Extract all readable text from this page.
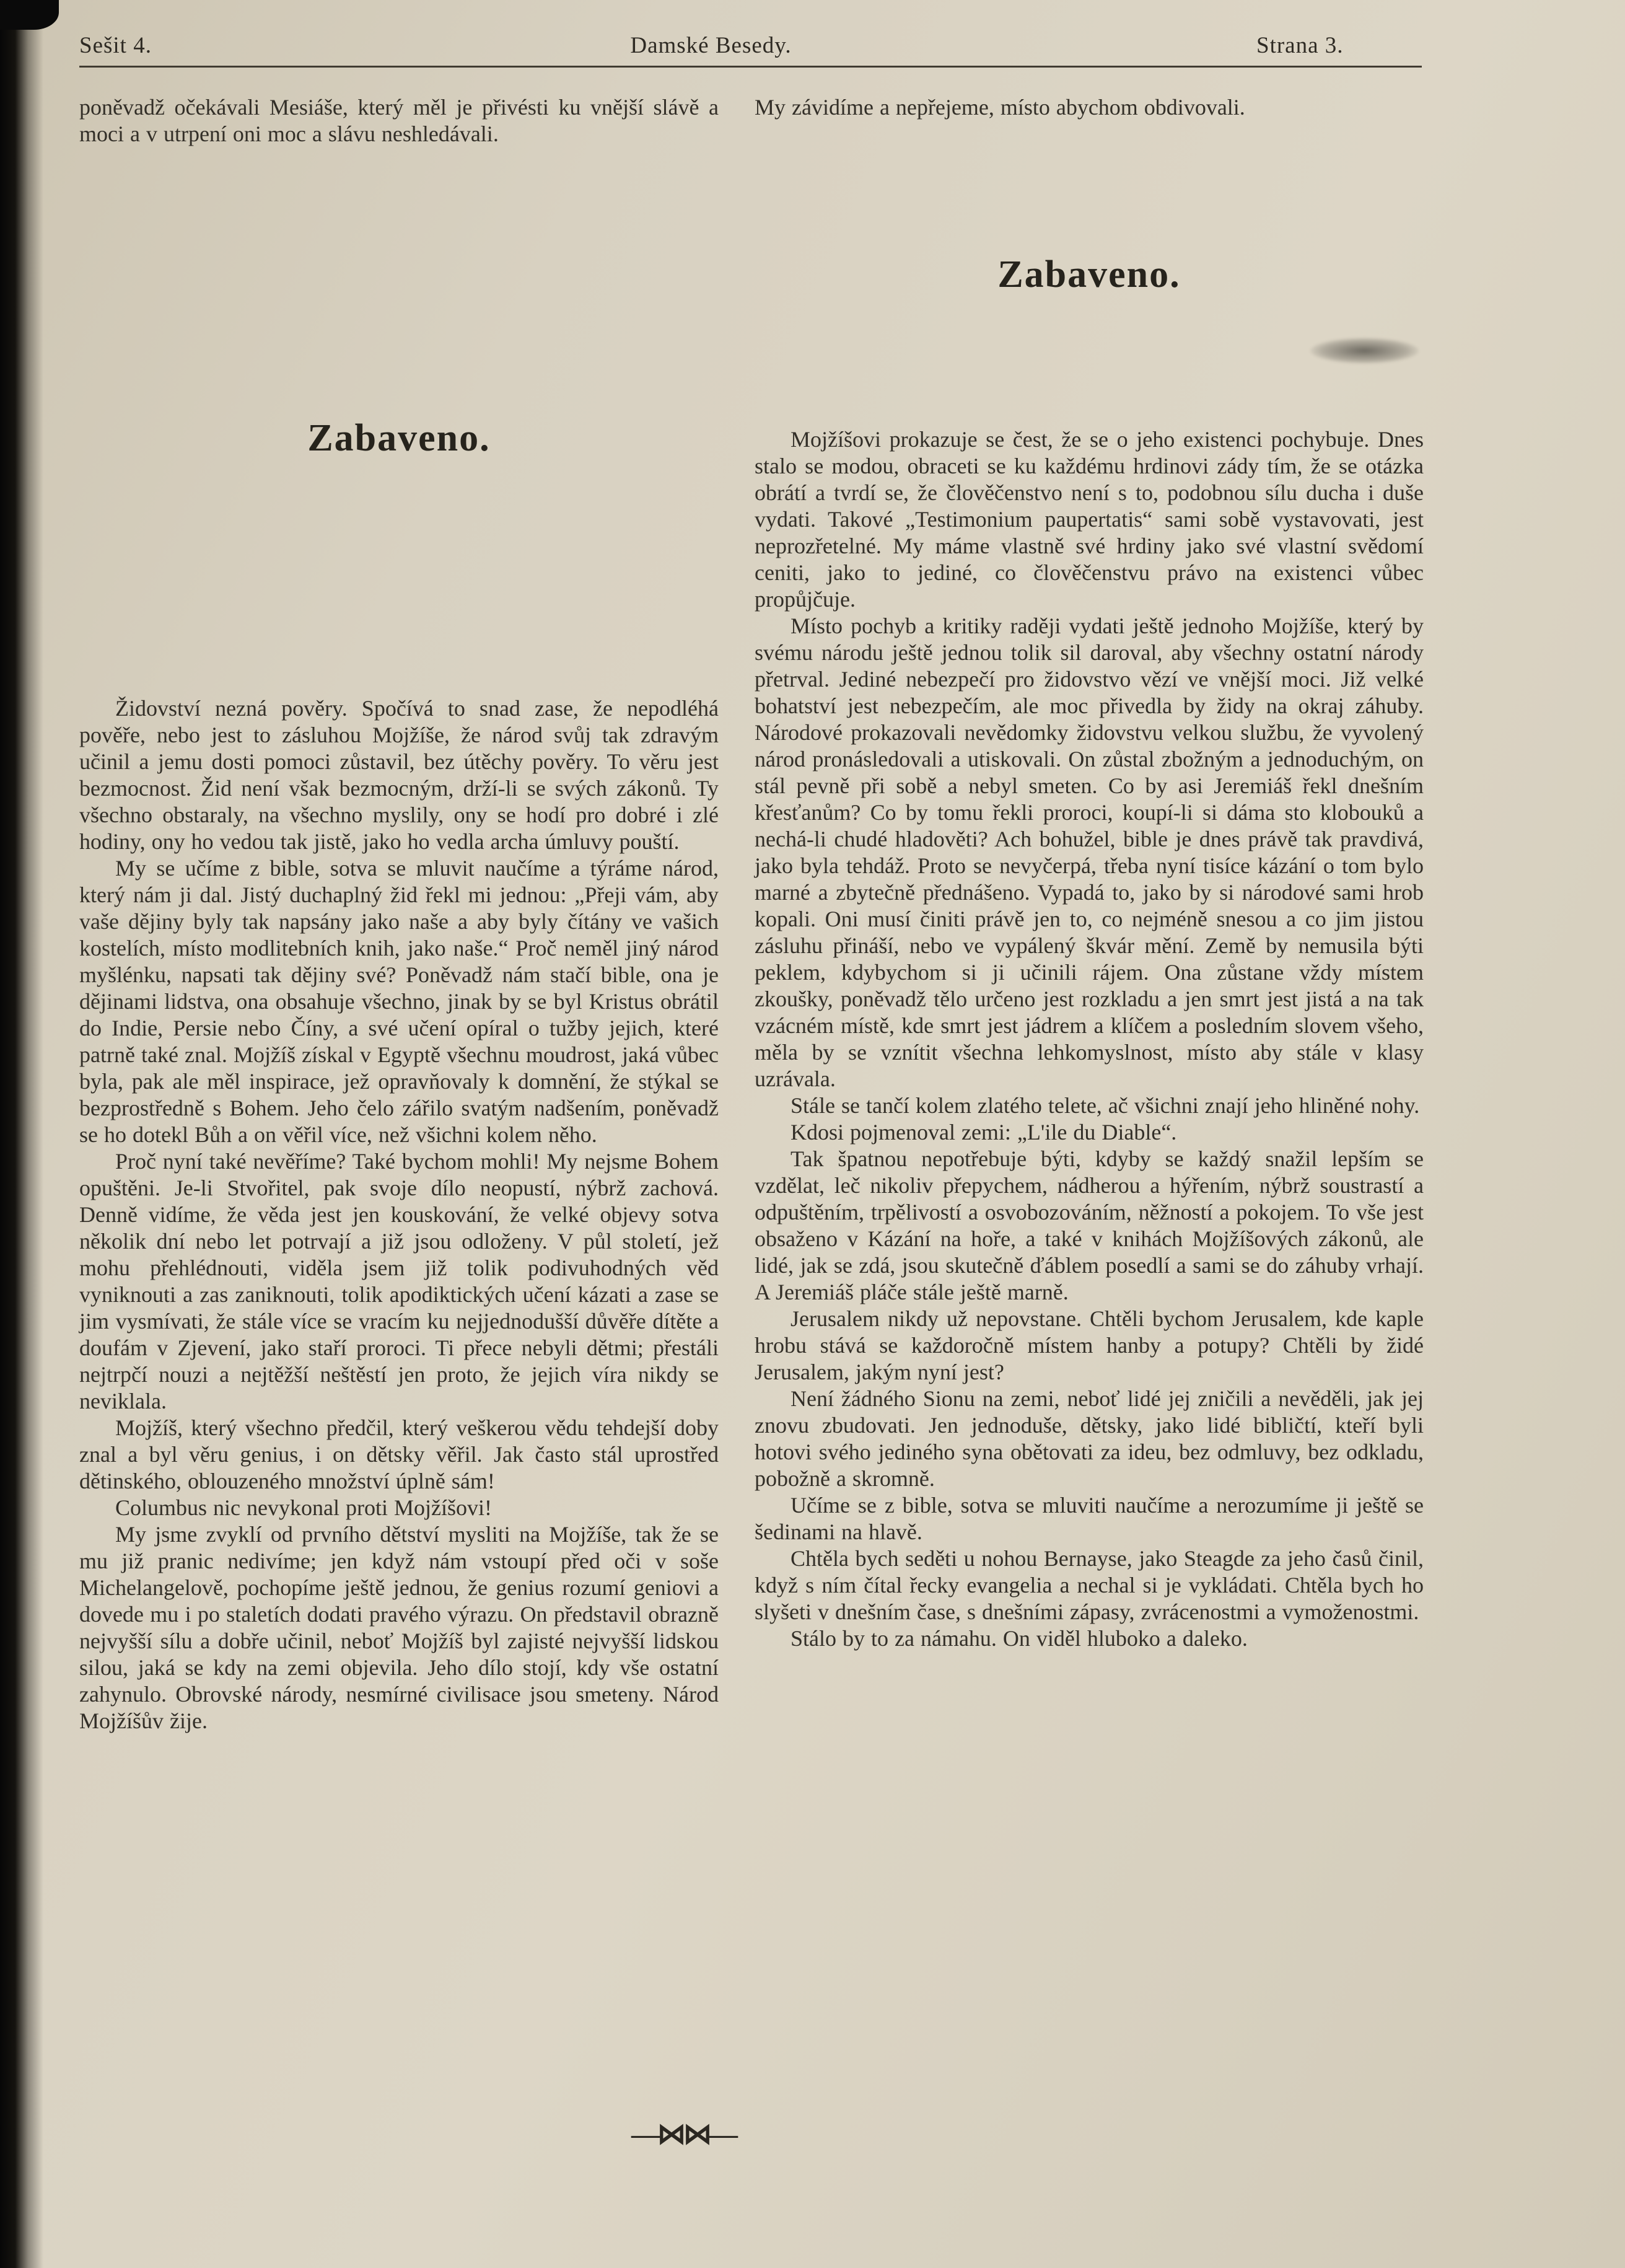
Sešit 4.	Damské Besedy.	Strana 3.

poněvadž očekávali Mesiáše, který měl je přivésti ku vnější slávě a moci a v utrpení oni moc a slávu neshledávali.

My závidíme a nepřejeme, místo abychom obdivovali.

Zabaveno.
Zabaveno.

Židovství nezná pověry. Spočívá to snad zase, že nepodléhá pověře, nebo jest to zásluhou Mojžíše, že národ svůj tak zdravým učinil a jemu dosti pomoci zůstavil, bez útěchy pověry. To věru jest bezmocnost. Žid není však bezmocným, drží-li se svých zákonů. Ty všechno obstaraly, na všechno myslily, ony se hodí pro dobré i zlé hodiny, ony ho vedou tak jistě, jako ho vedla archa úmluvy pouští.

My se učíme z bible, sotva se mluvit naučíme a týráme národ, který nám ji dal. Jistý duchaplný žid řekl mi jednou: „Přeji vám, aby vaše dějiny byly tak napsány jako naše a aby byly čítány ve vašich kostelích, místo modlitebních knih, jako naše.“ Proč neměl jiný národ myšlénku, napsati tak dějiny své? Poněvadž nám stačí bible, ona je dějinami lidstva, ona obsahuje všechno, jinak by se byl Kristus obrátil do Indie, Persie nebo Číny, a své učení opíral o tužby jejich, které patrně také znal. Mojžíš získal v Egyptě všechnu moudrost, jaká vůbec byla, pak ale měl inspirace, jež opravňovaly k domnění, že stýkal se bezprostředně s Bohem. Jeho čelo zářilo svatým nadšením, poněvadž se ho dotekl Bůh a on věřil více, než všichni kolem něho.

Proč nyní také nevěříme? Také bychom mohli! My nejsme Bohem opuštěni. Je-li Stvořitel, pak svoje dílo neopustí, nýbrž zachová. Denně vidíme, že věda jest jen kouskování, že velké objevy sotva několik dní nebo let potrvají a již jsou odloženy. V půl století, jež mohu přehlédnouti, viděla jsem již tolik podivuhodných věd vyniknouti a zas zaniknouti, tolik apodiktických učení kázati a zase se jim vysmívati, že stále více se vracím ku nejjednodušší důvěře dítěte a doufám v Zjevení, jako staří proroci. Ti přece nebyli dětmi; přestáli nejtrpčí nouzi a nejtěžší neštěstí jen proto, že jejich víra nikdy se neviklala.

Mojžíš, který všechno předčil, který veškerou vědu tehdejší doby znal a byl věru genius, i on dětsky věřil. Jak často stál uprostřed dětinského, oblouzeného množství úplně sám!

Columbus nic nevykonal proti Mojžíšovi!

My jsme zvyklí od prvního dětství mysliti na Mojžíše, tak že se mu již pranic nedivíme; jen když nám vstoupí před oči v soše Michelangelově, pochopíme ještě jednou, že genius rozumí geniovi a dovede mu i po staletích dodati pravého výrazu. On představil obrazně nejvyšší sílu a dobře učinil, neboť Mojžíš byl zajisté nejvyšší lidskou silou, jaká se kdy na zemi objevila. Jeho dílo stojí, kdy vše ostatní zahynulo. Obrovské národy, nesmírné civilisace jsou smeteny. Národ Mojžíšův žije.

Mojžíšovi prokazuje se čest, že se o jeho existenci pochybuje. Dnes stalo se modou, obraceti se ku každému hrdinovi zády tím, že se otázka obrátí a tvrdí se, že člověčenstvo není s to, podobnou sílu ducha i duše vydati. Takové „Testimonium paupertatis“ sami sobě vystavovati, jest neprozřetelné. My máme vlastně své hrdiny jako své vlastní svědomí ceniti, jako to jediné, co člověčenstvu právo na existenci vůbec propůjčuje.

Místo pochyb a kritiky raději vydati ještě jednoho Mojžíše, který by svému národu ještě jednou tolik sil daroval, aby všechny ostatní národy přetrval. Jediné nebezpečí pro židovstvo vězí ve vnější moci. Již velké bohatství jest nebezpečím, ale moc přivedla by židy na okraj záhuby. Národové prokazovali nevědomky židovstvu velkou službu, že vyvolený národ pronásledovali a utiskovali. On zůstal zbožným a jednoduchým, on stál pevně při sobě a nebyl smeten. Co by asi Jeremiáš řekl dnešním křesťanům? Co by tomu řekli proroci, koupí-li si dáma sto klobouků a nechá-li chudé hladověti? Ach bohužel, bible je dnes právě tak pravdivá, jako byla tehdáž. Proto se nevyčerpá, třeba nyní tisíce kázání o tom bylo marné a zbytečně přednášeno. Vypadá to, jako by si národové sami hrob kopali. Oni musí činiti právě jen to, co nejméně snesou a co jim jistou zásluhu přináší, nebo ve vypálený škvár mění. Země by nemusila býti peklem, kdybychom si ji učinili rájem. Ona zůstane vždy místem zkoušky, poněvadž tělo určeno jest rozkladu a jen smrt jest jistá a na tak vzácném místě, kde smrt jest jádrem a klíčem a posledním slovem všeho, měla by se vznítit všechna lehkomyslnost, místo aby stále v klasy uzrávala.

Stále se tančí kolem zlatého telete, ač všichni znají jeho hliněné nohy.

Kdosi pojmenoval zemi: „L'ile du Diable“.

Tak špatnou nepotřebuje býti, kdyby se každý snažil lepším se vzdělat, leč nikoliv přepychem, nádherou a hýřením, nýbrž soustrastí a odpuštěním, trpělivostí a osvobozováním, něžností a pokojem. To vše jest obsaženo v Kázání na hoře, a také v knihách Mojžíšových zákonů, ale lidé, jak se zdá, jsou skutečně ďáblem posedlí a sami se do záhuby vrhají. A Jeremiáš pláče stále ještě marně.

Jerusalem nikdy už nepovstane. Chtěli bychom Jerusalem, kde kaple hrobu stává se každoročně místem hanby a potupy? Chtěli by židé Jerusalem, jakým nyní jest?

Není žádného Sionu na zemi, neboť lidé jej zničili a nevěděli, jak jej znovu zbudovati. Jen jednoduše, dětsky, jako lidé bibličtí, kteří byli hotovi svého jediného syna obětovati za ideu, bez odmluvy, bez odkladu, pobožně a skromně.

Učíme se z bible, sotva se mluviti naučíme a nerozumíme ji ještě se šedinami na hlavě.

Chtěla bych seděti u nohou Bernayse, jako Steagde za jeho časů činil, když s ním čítal řecky evangelia a nechal si je vykládati. Chtěla bych ho slyšeti v dnešním čase, s dnešními zápasy, zvrácenostmi a vymoženostmi.

Stálo by to za námahu. On viděl hluboko a daleko.

—⋈⋈—
